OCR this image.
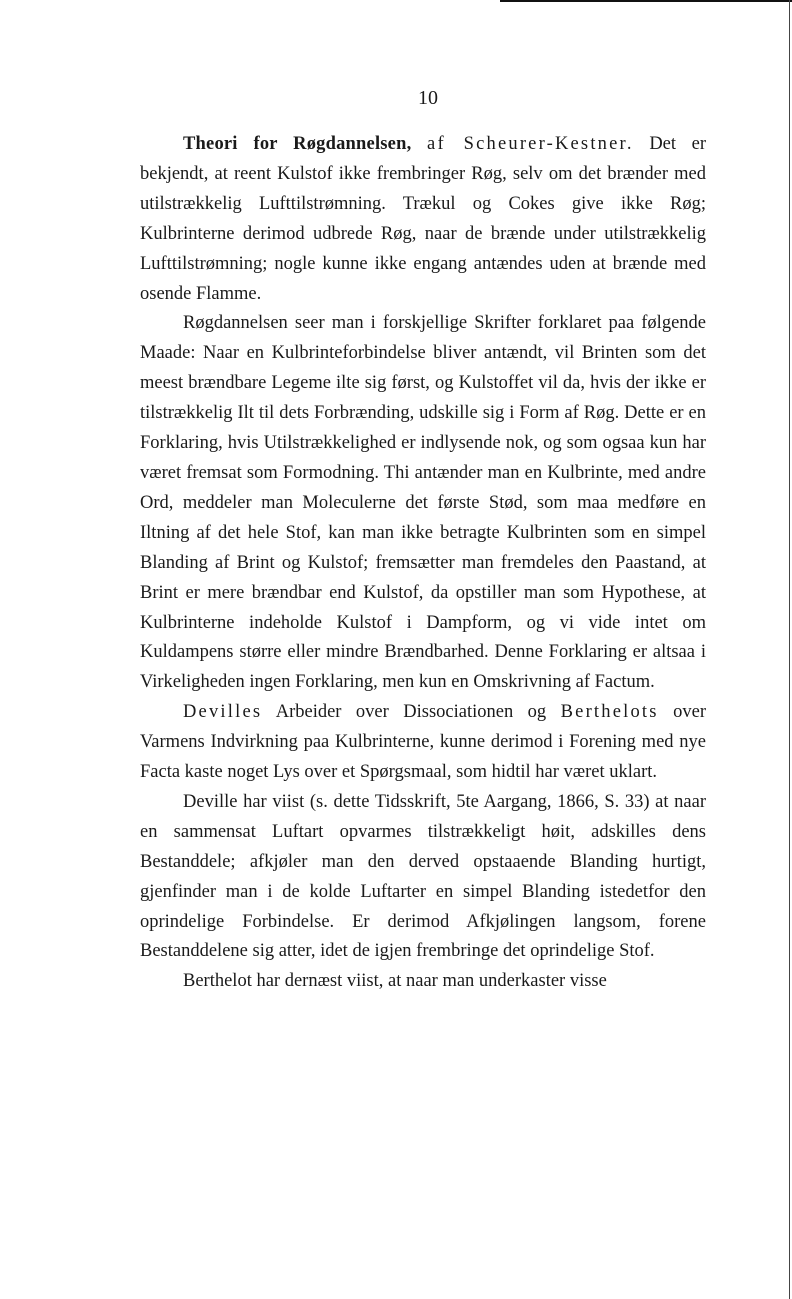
10

Theori for Røgdannelsen, af Scheurer-Kestner. Det er bekjendt, at reent Kulstof ikke frembringer Røg, selv om det brænder med utilstrækkelig Lufttilstrømning. Trækul og Cokes give ikke Røg; Kulbrinterne derimod udbrede Røg, naar de brænde under utilstrækkelig Lufttilstrømning; nogle kunne ikke engang antændes uden at brænde med osende Flamme.

Røgdannelsen seer man i forskjellige Skrifter forklaret paa følgende Maade: Naar en Kulbrinteforbindelse bliver antændt, vil Brinten som det meest brændbare Legeme ilte sig først, og Kulstoffet vil da, hvis der ikke er tilstrækkelig Ilt til dets Forbrænding, udskille sig i Form af Røg. Dette er en Forklaring, hvis Utilstrækkelighed er indlysende nok, og som ogsaa kun har været fremsat som Formodning. Thi antænder man en Kulbrinte, med andre Ord, meddeler man Moleculerne det første Stød, som maa medføre en Iltning af det hele Stof, kan man ikke betragte Kulbrinten som en simpel Blanding af Brint og Kulstof; fremsætter man fremdeles den Paastand, at Brint er mere brændbar end Kulstof, da opstiller man som Hypothese, at Kulbrinterne indeholde Kulstof i Dampform, og vi vide intet om Kuldampens større eller mindre Brændbarhed. Denne Forklaring er altsaa i Virkeligheden ingen Forklaring, men kun en Omskrivning af Factum.

Devilles Arbeider over Dissociationen og Berthelots over Varmens Indvirkning paa Kulbrinterne, kunne derimod i Forening med nye Facta kaste noget Lys over et Spørgsmaal, som hidtil har været uklart.

Deville har viist (s. dette Tidsskrift, 5te Aargang, 1866, S. 33) at naar en sammensat Luftart opvarmes tilstrækkeligt høit, adskilles dens Bestanddele; afkjøler man den derved opstaaende Blanding hurtigt, gjenfinder man i de kolde Luftarter en simpel Blanding istedetfor den oprindelige Forbindelse. Er derimod Afkjølingen langsom, forene Bestanddelene sig atter, idet de igjen frembringe det oprindelige Stof.

Berthelot har dernæst viist, at naar man underkaster visse
